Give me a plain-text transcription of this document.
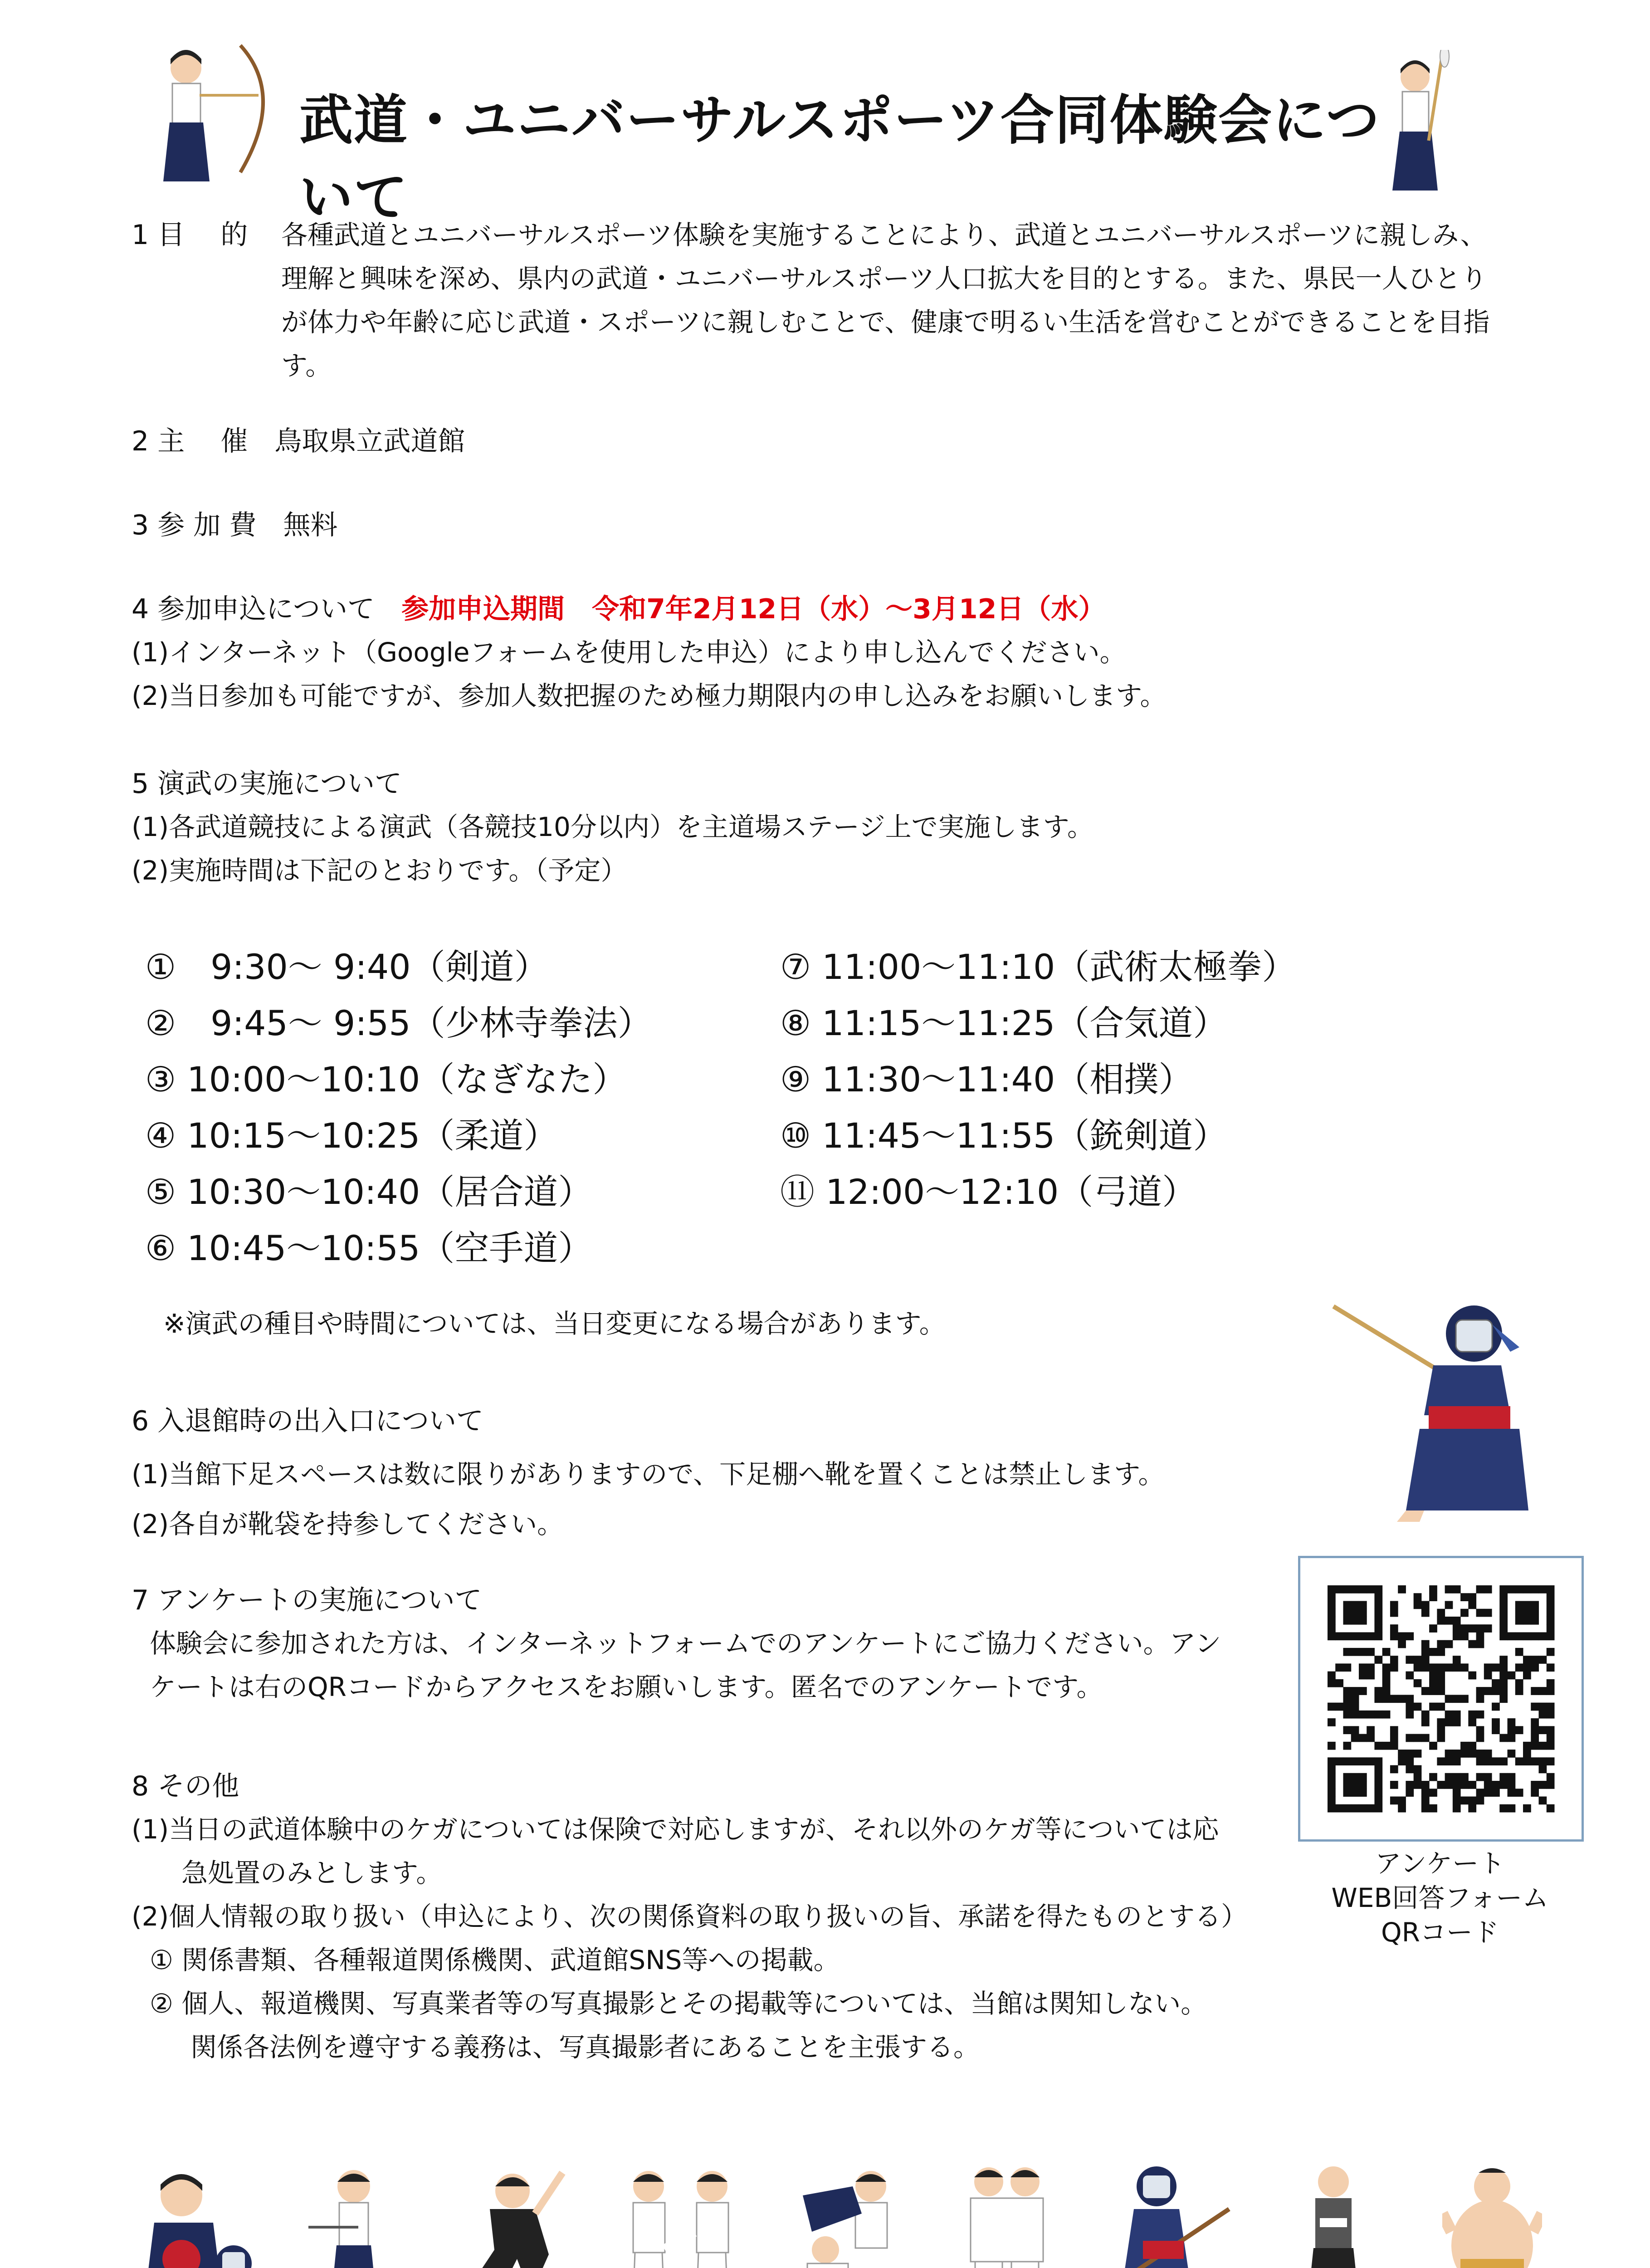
武道・ユニバーサルスポーツ合同体験会について
1 目　 的 各種武道とユニバーサルスポーツ体験を実施することにより、武道とユニバーサルスポーツに親しみ、
理解と興味を深め、県内の武道・ユニバーサルスポーツ人口拡大を目的とする。また、県民一人ひとり
が体力や年齢に応じ武道・スポーツに親しむことで、健康で明るい生活を営むことができることを目指
す。
2 主　 催 鳥取県立武道館
3 参 加 費 無料
4 参加申込について 参加申込期間　令和7年2月12日（水）～3月12日（水）
(1)インターネット（Googleフォームを使用した申込）により申し込んでください。
(2)当日参加も可能ですが、参加人数把握のため極力期限内の申し込みをお願いします。
5 演武の実施について
(1)各武道競技による演武（各競技10分以内）を主道場ステージ上で実施します。
(2)実施時間は下記のとおりです。（予定）
①　9:30～ 9:40（剣道）
②　9:45～ 9:55（少林寺拳法）
③ 10:00～10:10（なぎなた）
④ 10:15～10:25（柔道）
⑤ 10:30～10:40（居合道）
⑥ 10:45～10:55（空手道）
⑦ 11:00～11:10（武術太極拳）
⑧ 11:15～11:25（合気道）
⑨ 11:30～11:40（相撲）
⑩ 11:45～11:55（銃剣道）
⑪ 12:00～12:10（弓道）
※演武の種目や時間については、当日変更になる場合があります。
6 入退館時の出入口について
(1)当館下足スペースは数に限りがありますので、下足棚へ靴を置くことは禁止します。
(2)各自が靴袋を持参してください。
7 アンケートの実施について
体験会に参加された方は、インターネットフォームでのアンケートにご協力ください。アン
ケートは右のQRコードからアクセスをお願いします。匿名でのアンケートです。
アンケート
WEB回答フォーム
QRコード
8 その他
(1)当日の武道体験中のケガについては保険で対応しますが、それ以外のケガ等については応
急処置のみとします。
(2)個人情報の取り扱い（申込により、次の関係資料の取り扱いの旨、承諾を得たものとする）
① 関係書類、各種報道関係機関、武道館SNS等への掲載。
② 個人、報道機関、写真業者等の写真撮影とその掲載等については、当館は関知しない。
関係各法例を遵守する義務は、写真撮影者にあることを主張する。
